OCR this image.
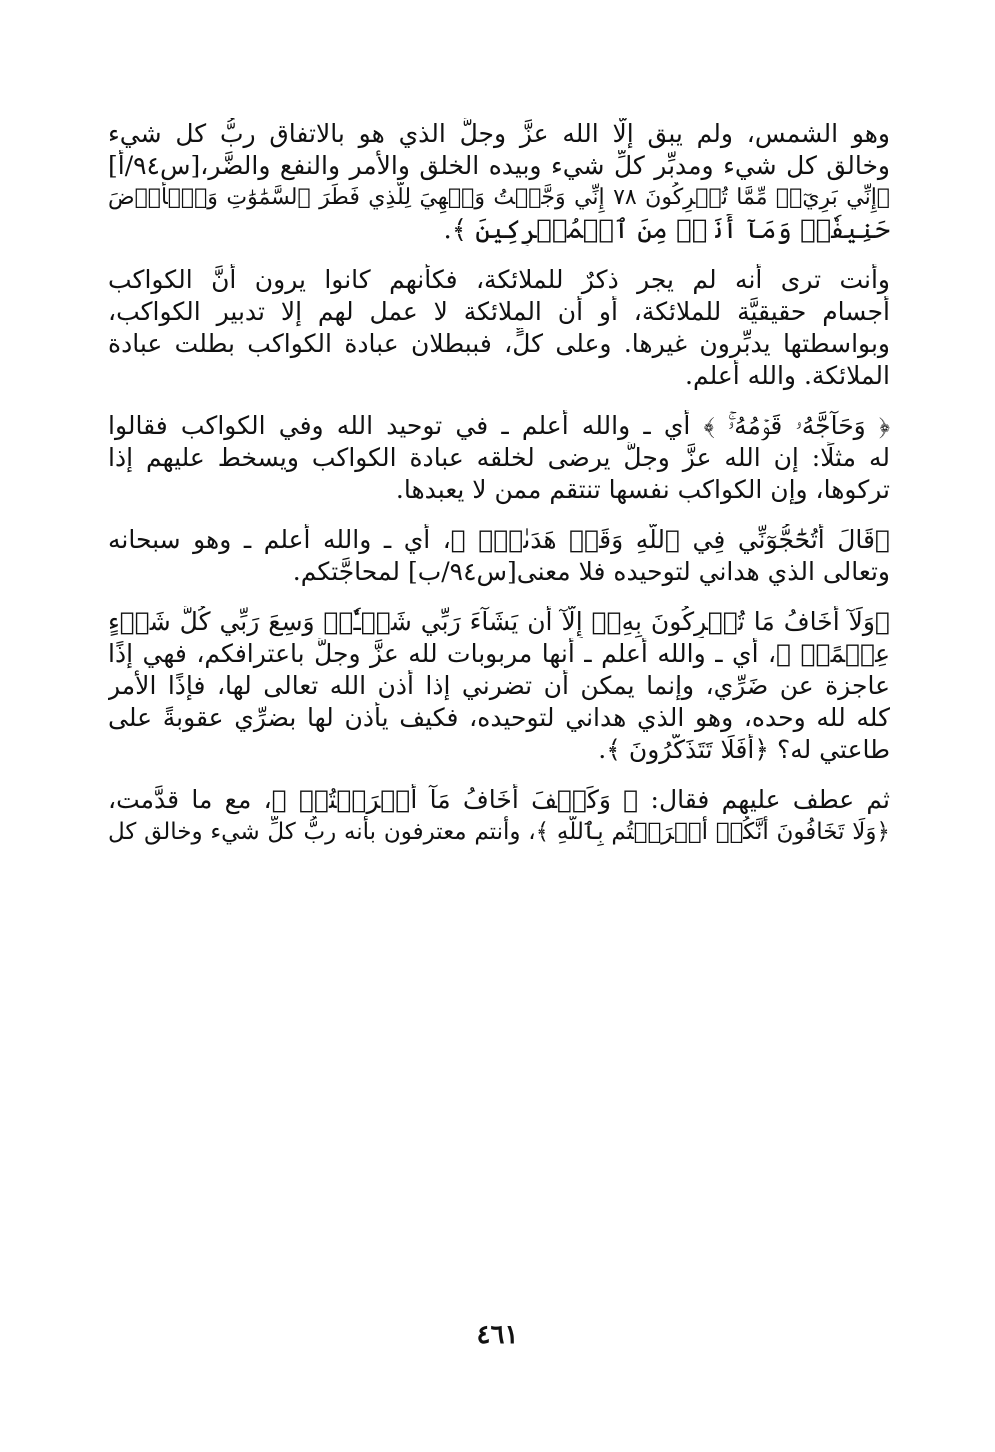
وهو الشمس، ولم يبق إلَّا الله عزَّ وجلَّ الذي هو بالاتفاق ربُّ كل شيء
وخالق كل شيء ومدبِّر كلِّ شيء وبيده الخلق والأمر والنفع والضَّر،[س٩٤/أ]
﴿إِنِّي بَرِيٓءٞ مِّمَّا تُشۡرِكُونَ ٧٨ إِنِّي وَجَّهۡتُ وَجۡهِيَ لِلَّذِي فَطَرَ ٱلسَّمَٰوَٰتِ وَٱلۡأَرۡضَ
حَنِيفٗاۖ وَمَآ أَنَا۠ مِنَ ٱلۡمُشۡرِكِينَ ﴾.
وأنت ترى أنه لم يجر ذكرٌ للملائكة، فكأنهم كانوا يرون أنَّ الكواكب
أجسام حقيقيَّة للملائكة، أو أن الملائكة لا عمل لهم إلا تدبير الكواكب،
وبواسطتها يدبِّرون غيرها. وعلى كلٍّ، فببطلان عبادة الكواكب بطلت عبادة
الملائكة. والله أعلم.
﴿ وَحَآجَّهُۥ قَوۡمُهُۥۚ ﴾ أي ـ والله أعلم ـ في توحيد الله وفي الكواكب فقالوا
له مثلًا: إن الله عزَّ وجلَّ يرضى لخلقه عبادة الكواكب ويسخط عليهم إذا
تركوها، وإن الكواكب نفسها تنتقم ممن لا يعبدها.
﴿قَالَ أَتُحَٰٓجُّوٓنِّي فِي ٱللَّهِ وَقَدۡ هَدَىٰنِۚ ﴾، أي ـ والله أعلم ـ وهو سبحانه
وتعالى الذي هداني لتوحيده فلا معنى[س٩٤/ب] لمحاجَّتكم.
﴿وَلَآ أَخَافُ مَا تُشۡرِكُونَ بِهِۦٓ إِلَّآ أَن يَشَآءَ رَبِّي شَيۡـٔٗاۗ وَسِعَ رَبِّي كُلَّ شَيۡءٍ
عِلۡمًاۚ ﴾، أي ـ والله أعلم ـ أنها مربوبات لله عزَّ وجلَّ باعترافكم، فهي إذًا
عاجزة عن ضَرِّي، وإنما يمكن أن تضرني إذا أذن الله تعالى لها، فإذًا الأمر
كله لله وحده، وهو الذي هداني لتوحيده، فكيف يأذن لها بضرِّي عقوبةً على
طاعتي له؟ ﴿أَفَلَا تَتَذَكَّرُونَ ﴾.
ثم عطف عليهم فقال: ﴿ وَكَيۡفَ أَخَافُ مَآ أَشۡرَكۡتُمۡ ﴾، مع ما قدَّمت،
﴿وَلَا تَخَافُونَ أَنَّكُمۡ أَشۡرَكۡتُم بِٱللَّهِ ﴾، وأنتم معترفون بأنه ربُّ كلِّ شيء وخالق كل
٤٦١
